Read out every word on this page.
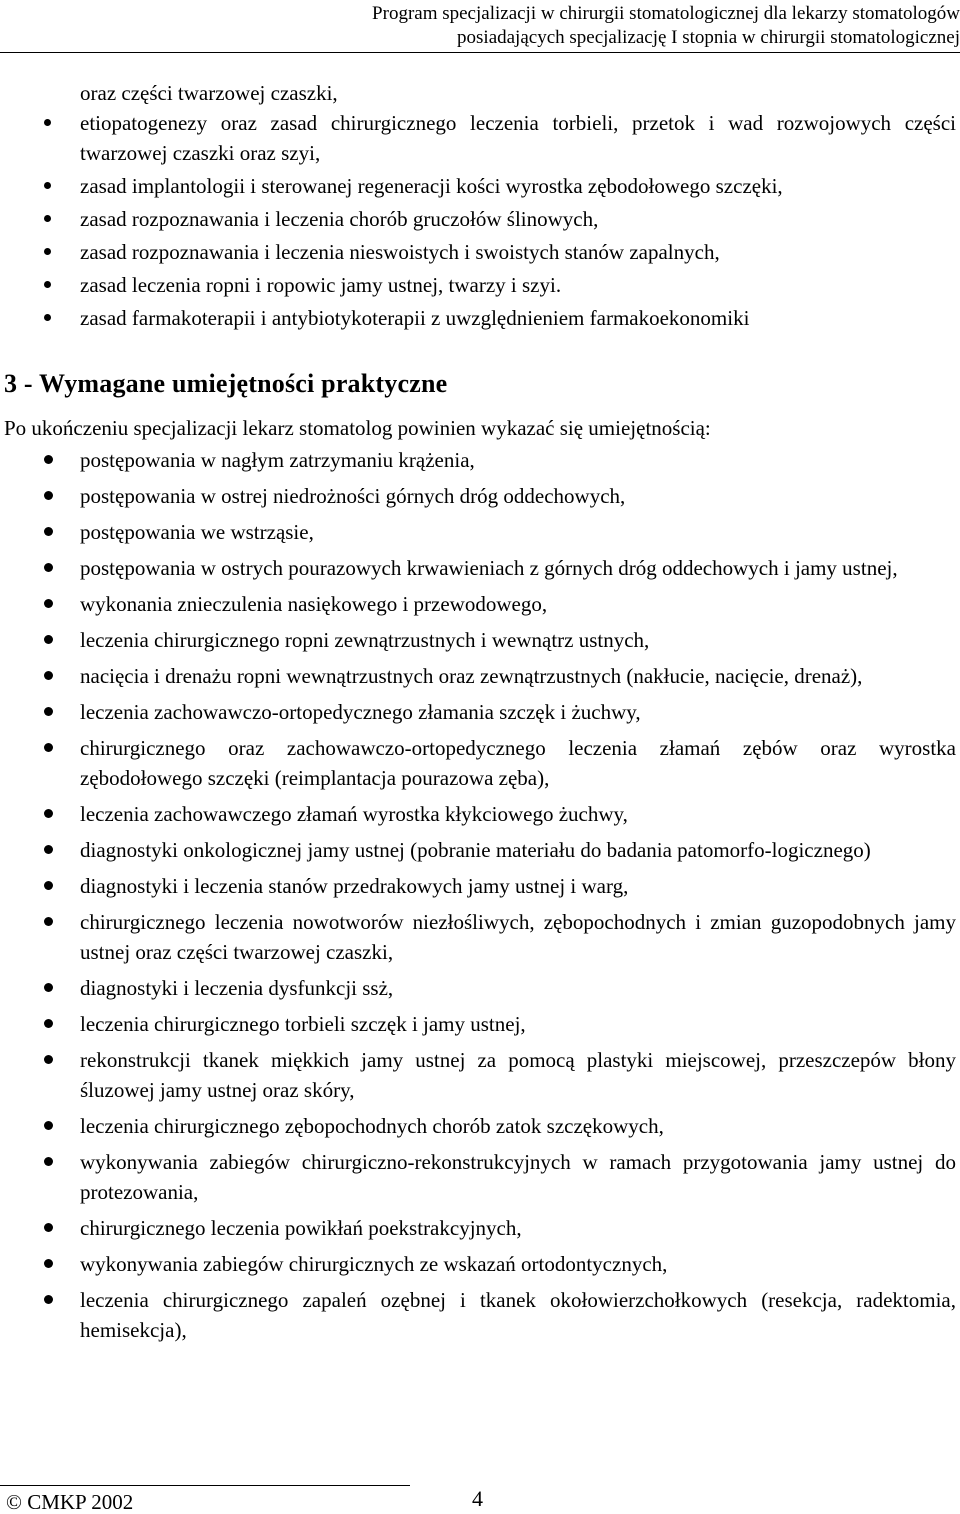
Program specjalizacji w chirurgii stomatologicznej dla lekarzy stomatologów
posiadających specjalizację I stopnia w chirurgii stomatologicznej
oraz części twarzowej czaszki,
etiopatogenezy oraz zasad chirurgicznego leczenia torbieli, przetok i wad rozwojowych części twarzowej czaszki oraz szyi,
zasad implantologii i sterowanej regeneracji kości wyrostka zębodołowego szczęki,
zasad rozpoznawania i leczenia chorób gruczołów ślinowych,
zasad rozpoznawania i leczenia nieswoistych i swoistych stanów zapalnych,
zasad leczenia ropni i ropowic jamy ustnej, twarzy i szyi.
zasad farmakoterapii i antybiotykoterapii z uwzględnieniem farmakoekonomiki
3 - Wymagane umiejętności praktyczne
Po ukończeniu specjalizacji lekarz stomatolog powinien wykazać się umiejętnością:
postępowania w nagłym zatrzymaniu krążenia,
postępowania w ostrej niedrożności górnych dróg oddechowych,
postępowania we wstrząsie,
postępowania w ostrych pourazowych krwawieniach z górnych dróg oddechowych i jamy ustnej,
wykonania znieczulenia nasiękowego i przewodowego,
leczenia chirurgicznego ropni zewnątrzustnych i wewnątrz ustnych,
nacięcia i drenażu ropni wewnątrzustnych oraz zewnątrzustnych (nakłucie, nacięcie, drenaż),
leczenia zachowawczo-ortopedycznego złamania szczęk i żuchwy,
chirurgicznego oraz zachowawczo-ortopedycznego leczenia złamań zębów oraz wyrostka zębodołowego szczęki (reimplantacja pourazowa zęba),
leczenia zachowawczego złamań wyrostka kłykciowego żuchwy,
diagnostyki onkologicznej jamy ustnej (pobranie materiału do badania patomorfo-logicznego)
diagnostyki i leczenia stanów przedrakowych jamy ustnej i warg,
chirurgicznego leczenia nowotworów niezłośliwych, zębopochodnych i zmian guzopodobnych jamy ustnej oraz części twarzowej czaszki,
diagnostyki i leczenia dysfunkcji ssż,
leczenia chirurgicznego torbieli szczęk i jamy ustnej,
rekonstrukcji tkanek miękkich jamy ustnej za pomocą plastyki miejscowej, przeszczepów błony śluzowej jamy ustnej oraz skóry,
leczenia chirurgicznego zębopochodnych chorób zatok szczękowych,
wykonywania zabiegów chirurgiczno-rekonstrukcyjnych w ramach przygotowania jamy ustnej do protezowania,
chirurgicznego leczenia powikłań poekstrakcyjnych,
wykonywania zabiegów chirurgicznych ze wskazań ortodontycznych,
leczenia chirurgicznego zapaleń ozębnej i tkanek okołowierzchołkowych (resekcja, radektomia, hemisekcja),
© CMKP 2002	4
